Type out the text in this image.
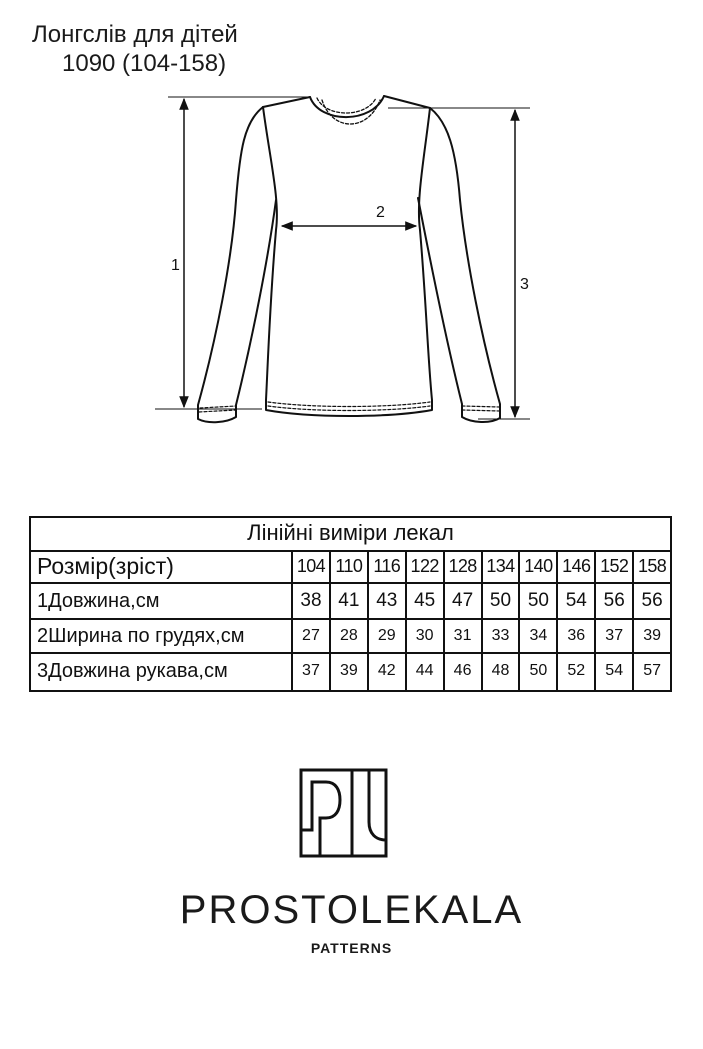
Лонгслів для дітей
1090 (104-158)
1
2
3
Лінійні виміри лекал
Розмір(зріст)	104 110 116 122 128 134 140 146 152 158
1Довжина,см	38 41 43 45 47 50 50 54 56 56
2Ширина по грудях,см	27	28	29	30	31	33	34	36	37	39
3Довжина рукава,см	37	39	42	44	46	48	50	52	54	57
PROSTOLEKALA
PATTERNS
